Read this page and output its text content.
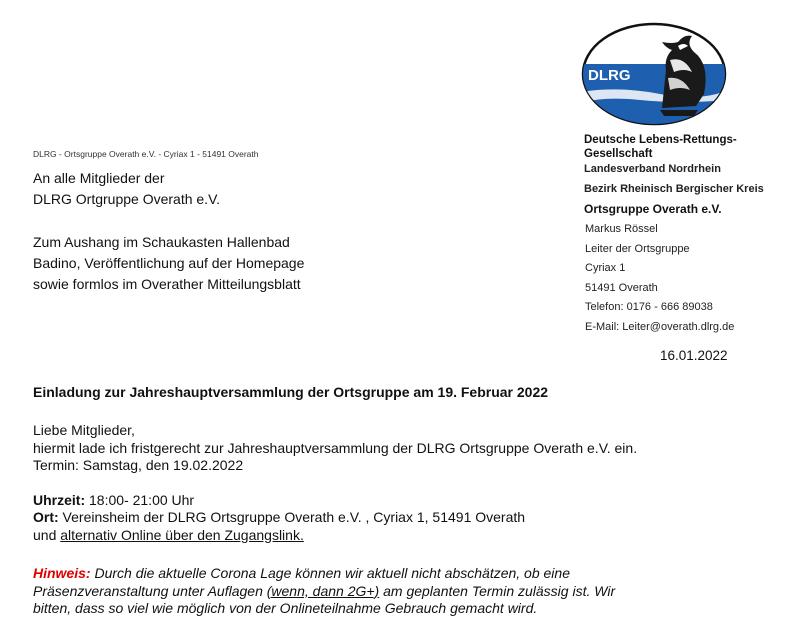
DLRG - Ortsgruppe Overath e.V. - Cyriax 1 - 51491 Overath
An alle Mitglieder der
DLRG Ortgruppe Overath e.V.
Zum Aushang im Schaukasten Hallenbad
Badino, Veröffentlichung auf der Homepage
sowie formlos im Overather Mitteilungsblatt
DLRG
Deutsche Lebens-Rettungs-
Gesellschaft
Landesverband Nordrhein
Bezirk Rheinisch Bergischer Kreis
Ortsgruppe Overath e.V.
Markus Rössel
Leiter der Ortsgruppe
Cyriax 1
51491 Overath
Telefon: 0176 - 666 89038
E-Mail: Leiter@overath.dlrg.de
16.01.2022
Einladung zur Jahreshauptversammlung der Ortsgruppe am 19. Februar 2022
Liebe Mitglieder,
hiermit lade ich fristgerecht zur Jahreshauptversammlung der DLRG Ortsgruppe Overath e.V. ein.
Termin: Samstag, den 19.02.2022
Uhrzeit: 18:00- 21:00 Uhr
Ort: Vereinsheim der DLRG Ortsgruppe Overath e.V. , Cyriax 1, 51491 Overath
und alternativ Online über den Zugangslink.
Hinweis: Durch die aktuelle Corona Lage können wir aktuell nicht abschätzen, ob eine
Präsenzveranstaltung unter Auflagen (wenn, dann 2G+) am geplanten Termin zulässig ist. Wir
bitten, dass so viel wie möglich von der Onlineteilnahme Gebrauch gemacht wird.
